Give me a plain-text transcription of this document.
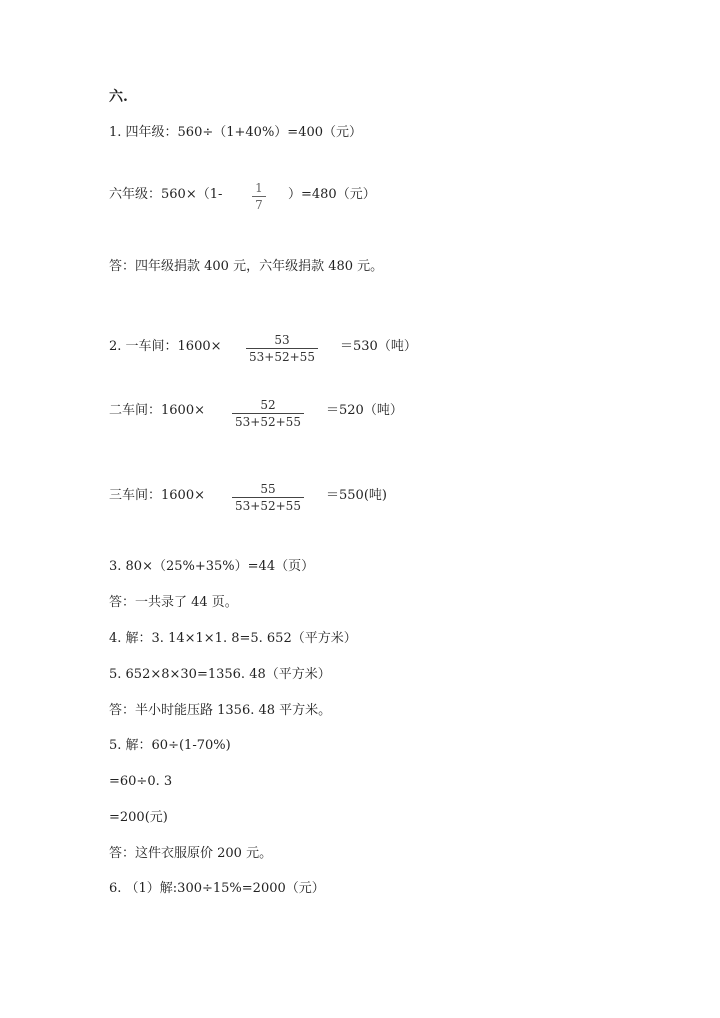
六.
1. 四年级：560÷（1+40%）=400（元）
六年级：560×（1-	1
7
）=480（元）
答：四年级捐款 400 元，六年级捐款 480 元。
2. 一车间：1600×	53
53+52+55
＝530（吨）
二车间：1600×	52
53+52+55
＝520（吨）
三车间：1600×	55
53+52+55
＝550(吨)
3. 80×（25%+35%）=44（页）
答：一共录了 44 页。
4. 解：3. 14×1×1. 8=5. 652（平方米）
5. 652×8×30=1356. 48（平方米）
答：半小时能压路 1356. 48 平方米。
5. 解：60÷(1-70%)
=60÷0. 3
=200(元)
答：这件衣服原价 200 元。
6. （1）解:300÷15%=2000（元）
